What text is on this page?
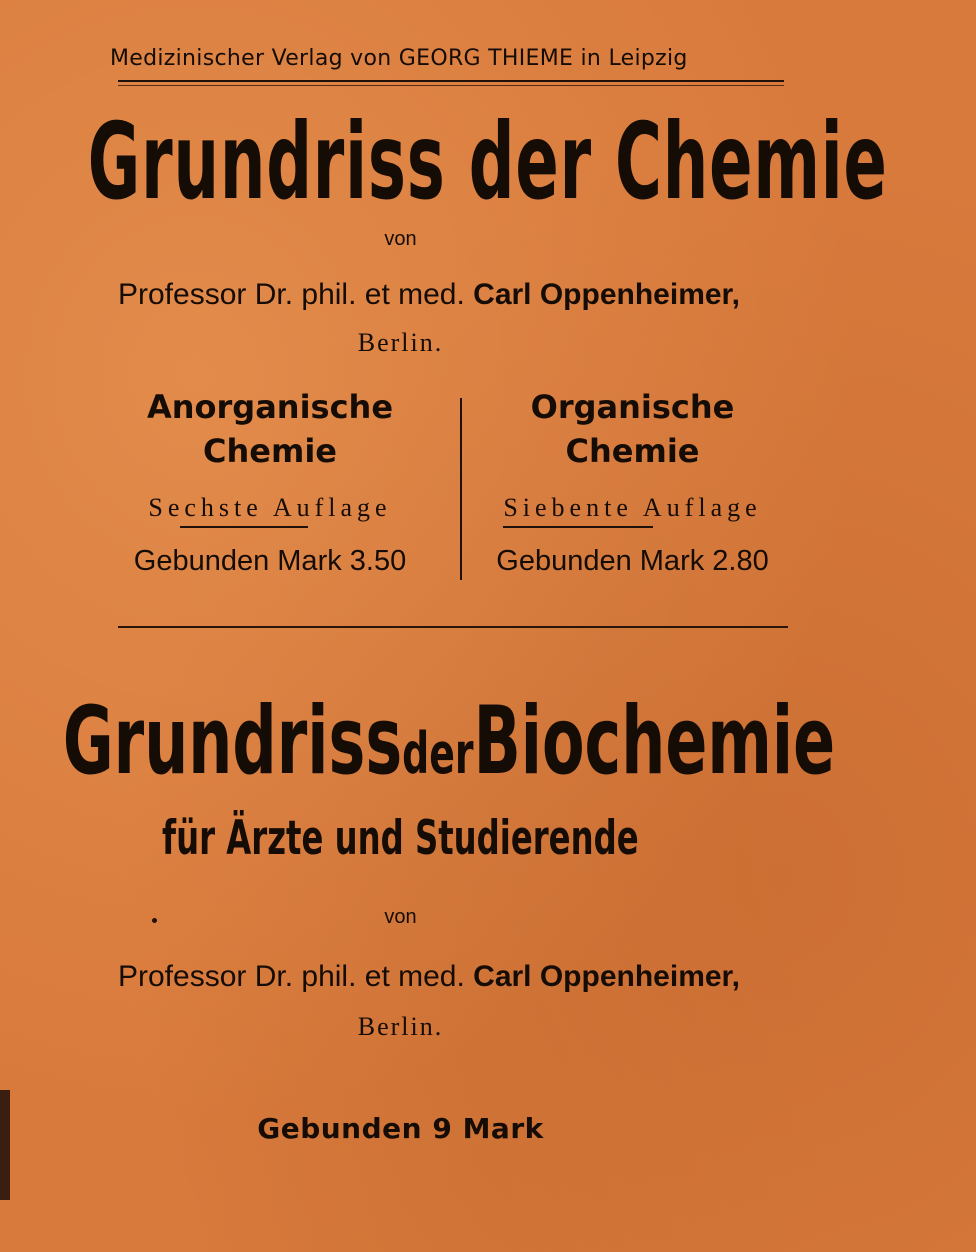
Medizinischer Verlag von GEORG THIEME in Leipzig
Grundriss der Chemie
von
Professor Dr. phil. et med. Carl Oppenheimer,
Berlin.
Anorganische
Chemie
Sechste Auflage
Gebunden Mark 3.50
Organische
Chemie
Siebente Auflage
Gebunden Mark 2.80
GrundrissderBiochemie
für Ärzte und Studierende
von
Professor Dr. phil. et med. Carl Oppenheimer,
Berlin.
Gebunden 9 Mark
